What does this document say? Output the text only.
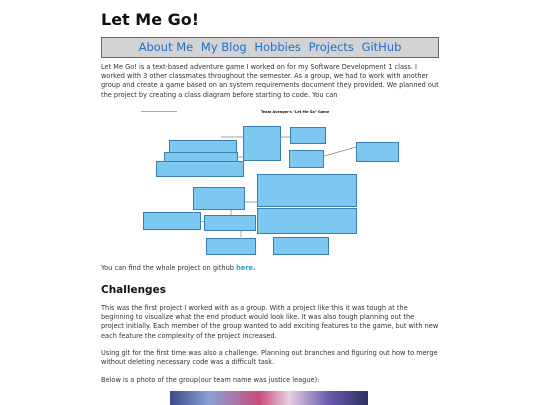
Let Me Go!
About Me My Blog Hobbies Projects GitHub

Let Me Go! is a text-based adventure game I worked on for my Software Development 1 class. I worked with 3 other classmates throughout the semester. As a group, we had to work with another group and create a game based on an system requirements document they provided. We planned out the project by creating a class diagram before starting to code. You can

Team Avenger's "Let Me Go" Game

You can find the whole project on github here.

Challenges

This was the first project I worked with as a group. With a project like this it was tough at the beginning to visualize what the end product would look like. It was also tough planning out the project initially. Each member of the group wanted to add exciting features to the game, but with new each feature the complexity of the project increased.

Using git for the first time was also a challenge. Planning out branches and figuring out how to merge without deleting necessary code was a difficult task.

Below is a photo of the group(our team name was justice league):
